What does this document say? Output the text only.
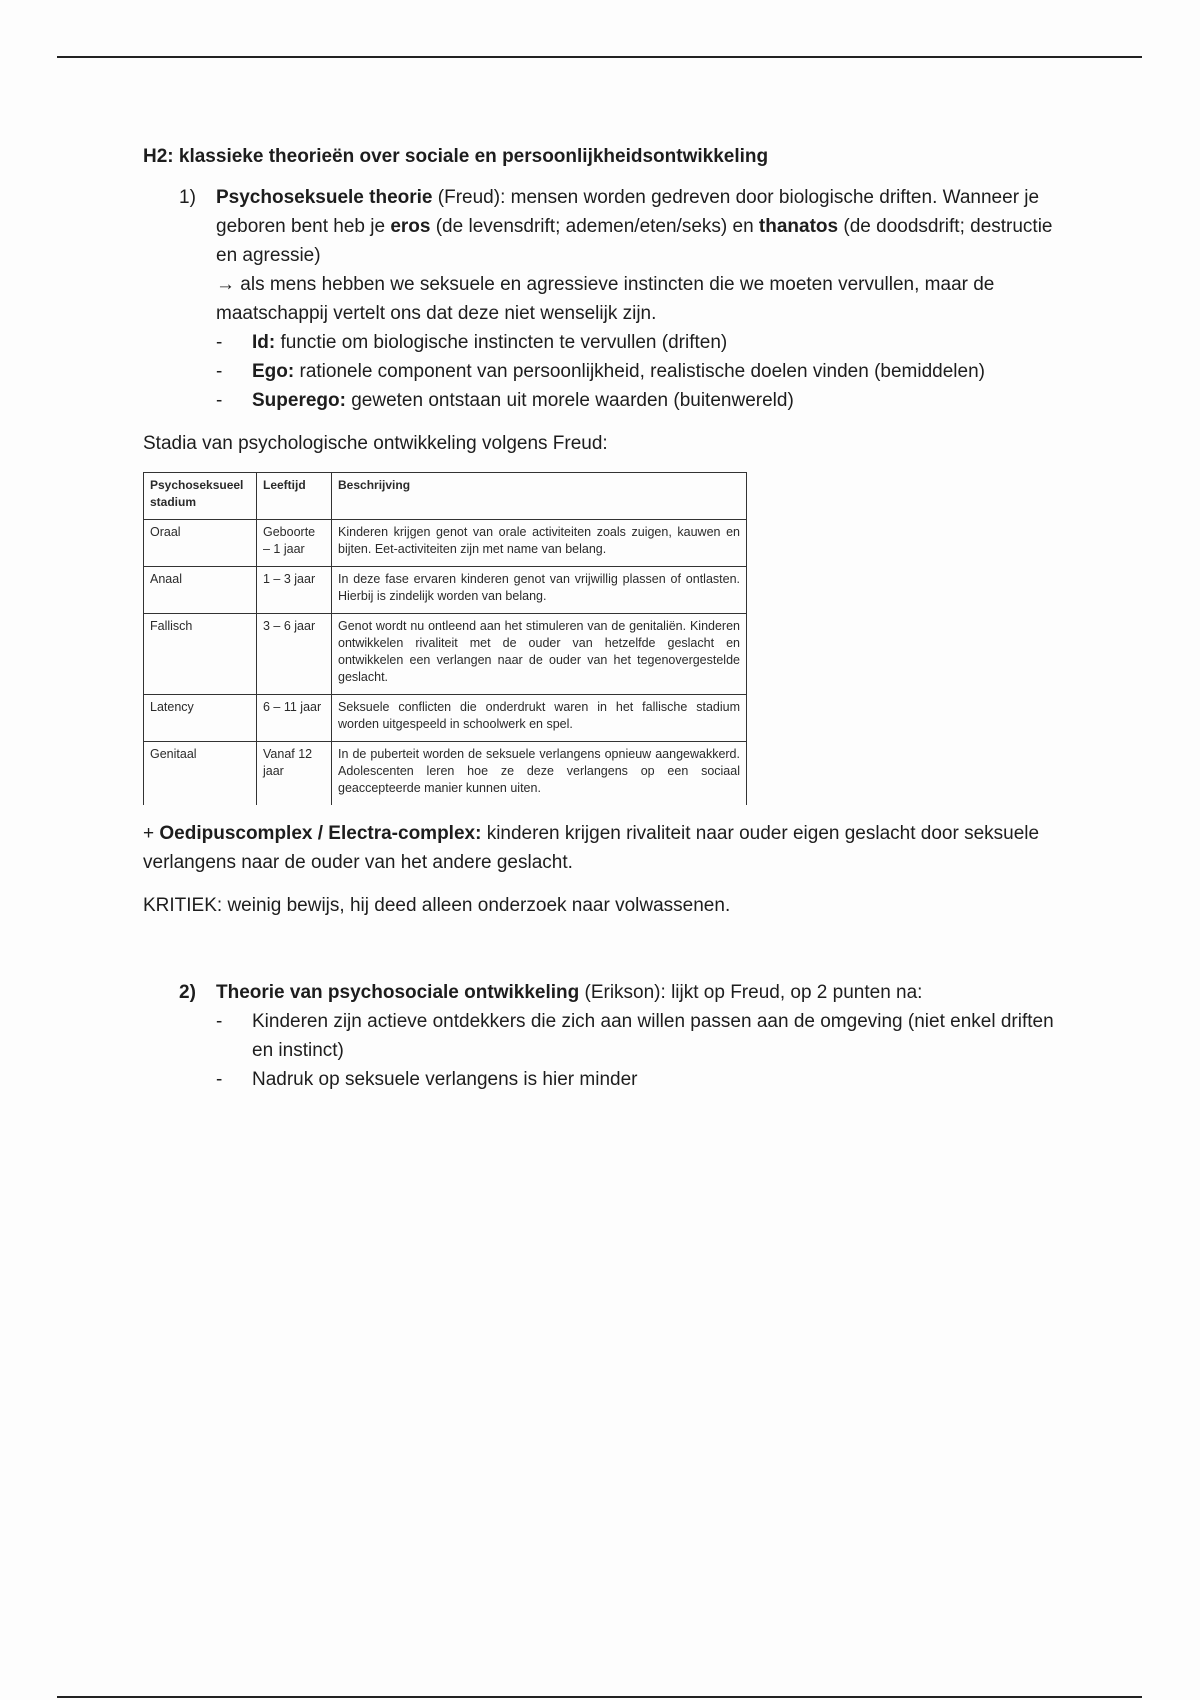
H2: klassieke theorieën over sociale en persoonlijkheidsontwikkeling

1) Psychoseksuele theorie (Freud): mensen worden gedreven door biologische driften. Wanneer je geboren bent heb je eros (de levensdrift; ademen/eten/seks) en thanatos (de doodsdrift; destructie en agressie)

→ als mens hebben we seksuele en agressieve instincten die we moeten vervullen, maar de maatschappij vertelt ons dat deze niet wenselijk zijn.

- Id: functie om biologische instincten te vervullen (driften)
- Ego: rationele component van persoonlijkheid, realistische doelen vinden (bemiddelen)
- Superego: geweten ontstaan uit morele waarden (buitenwereld)

Stadia van psychologische ontwikkeling volgens Freud:

Psychoseksueel stadium	Leeftijd	Beschrijving
Oraal	Geboorte – 1 jaar	Kinderen krijgen genot van orale activiteiten zoals zuigen, kauwen en bijten. Eet-activiteiten zijn met name van belang.
Anaal	1 – 3 jaar	In deze fase ervaren kinderen genot van vrijwillig plassen of ontlasten. Hierbij is zindelijk worden van belang.
Fallisch	3 – 6 jaar	Genot wordt nu ontleend aan het stimuleren van de genitaliën. Kinderen ontwikkelen rivaliteit met de ouder van hetzelfde geslacht en ontwikkelen een verlangen naar de ouder van het tegenovergestelde geslacht.
Latency	6 – 11 jaar	Seksuele conflicten die onderdrukt waren in het fallische stadium worden uitgespeeld in schoolwerk en spel.
Genitaal	Vanaf 12 jaar	In de puberteit worden de seksuele verlangens opnieuw aangewakkerd. Adolescenten leren hoe ze deze verlangens op een sociaal geaccepteerde manier kunnen uiten.

+ Oedipuscomplex / Electra-complex: kinderen krijgen rivaliteit naar ouder eigen geslacht door seksuele verlangens naar de ouder van het andere geslacht.

KRITIEK: weinig bewijs, hij deed alleen onderzoek naar volwassenen.

2) Theorie van psychosociale ontwikkeling (Erikson): lijkt op Freud, op 2 punten na:

- Kinderen zijn actieve ontdekkers die zich aan willen passen aan de omgeving (niet enkel driften en instinct)
- Nadruk op seksuele verlangens is hier minder
